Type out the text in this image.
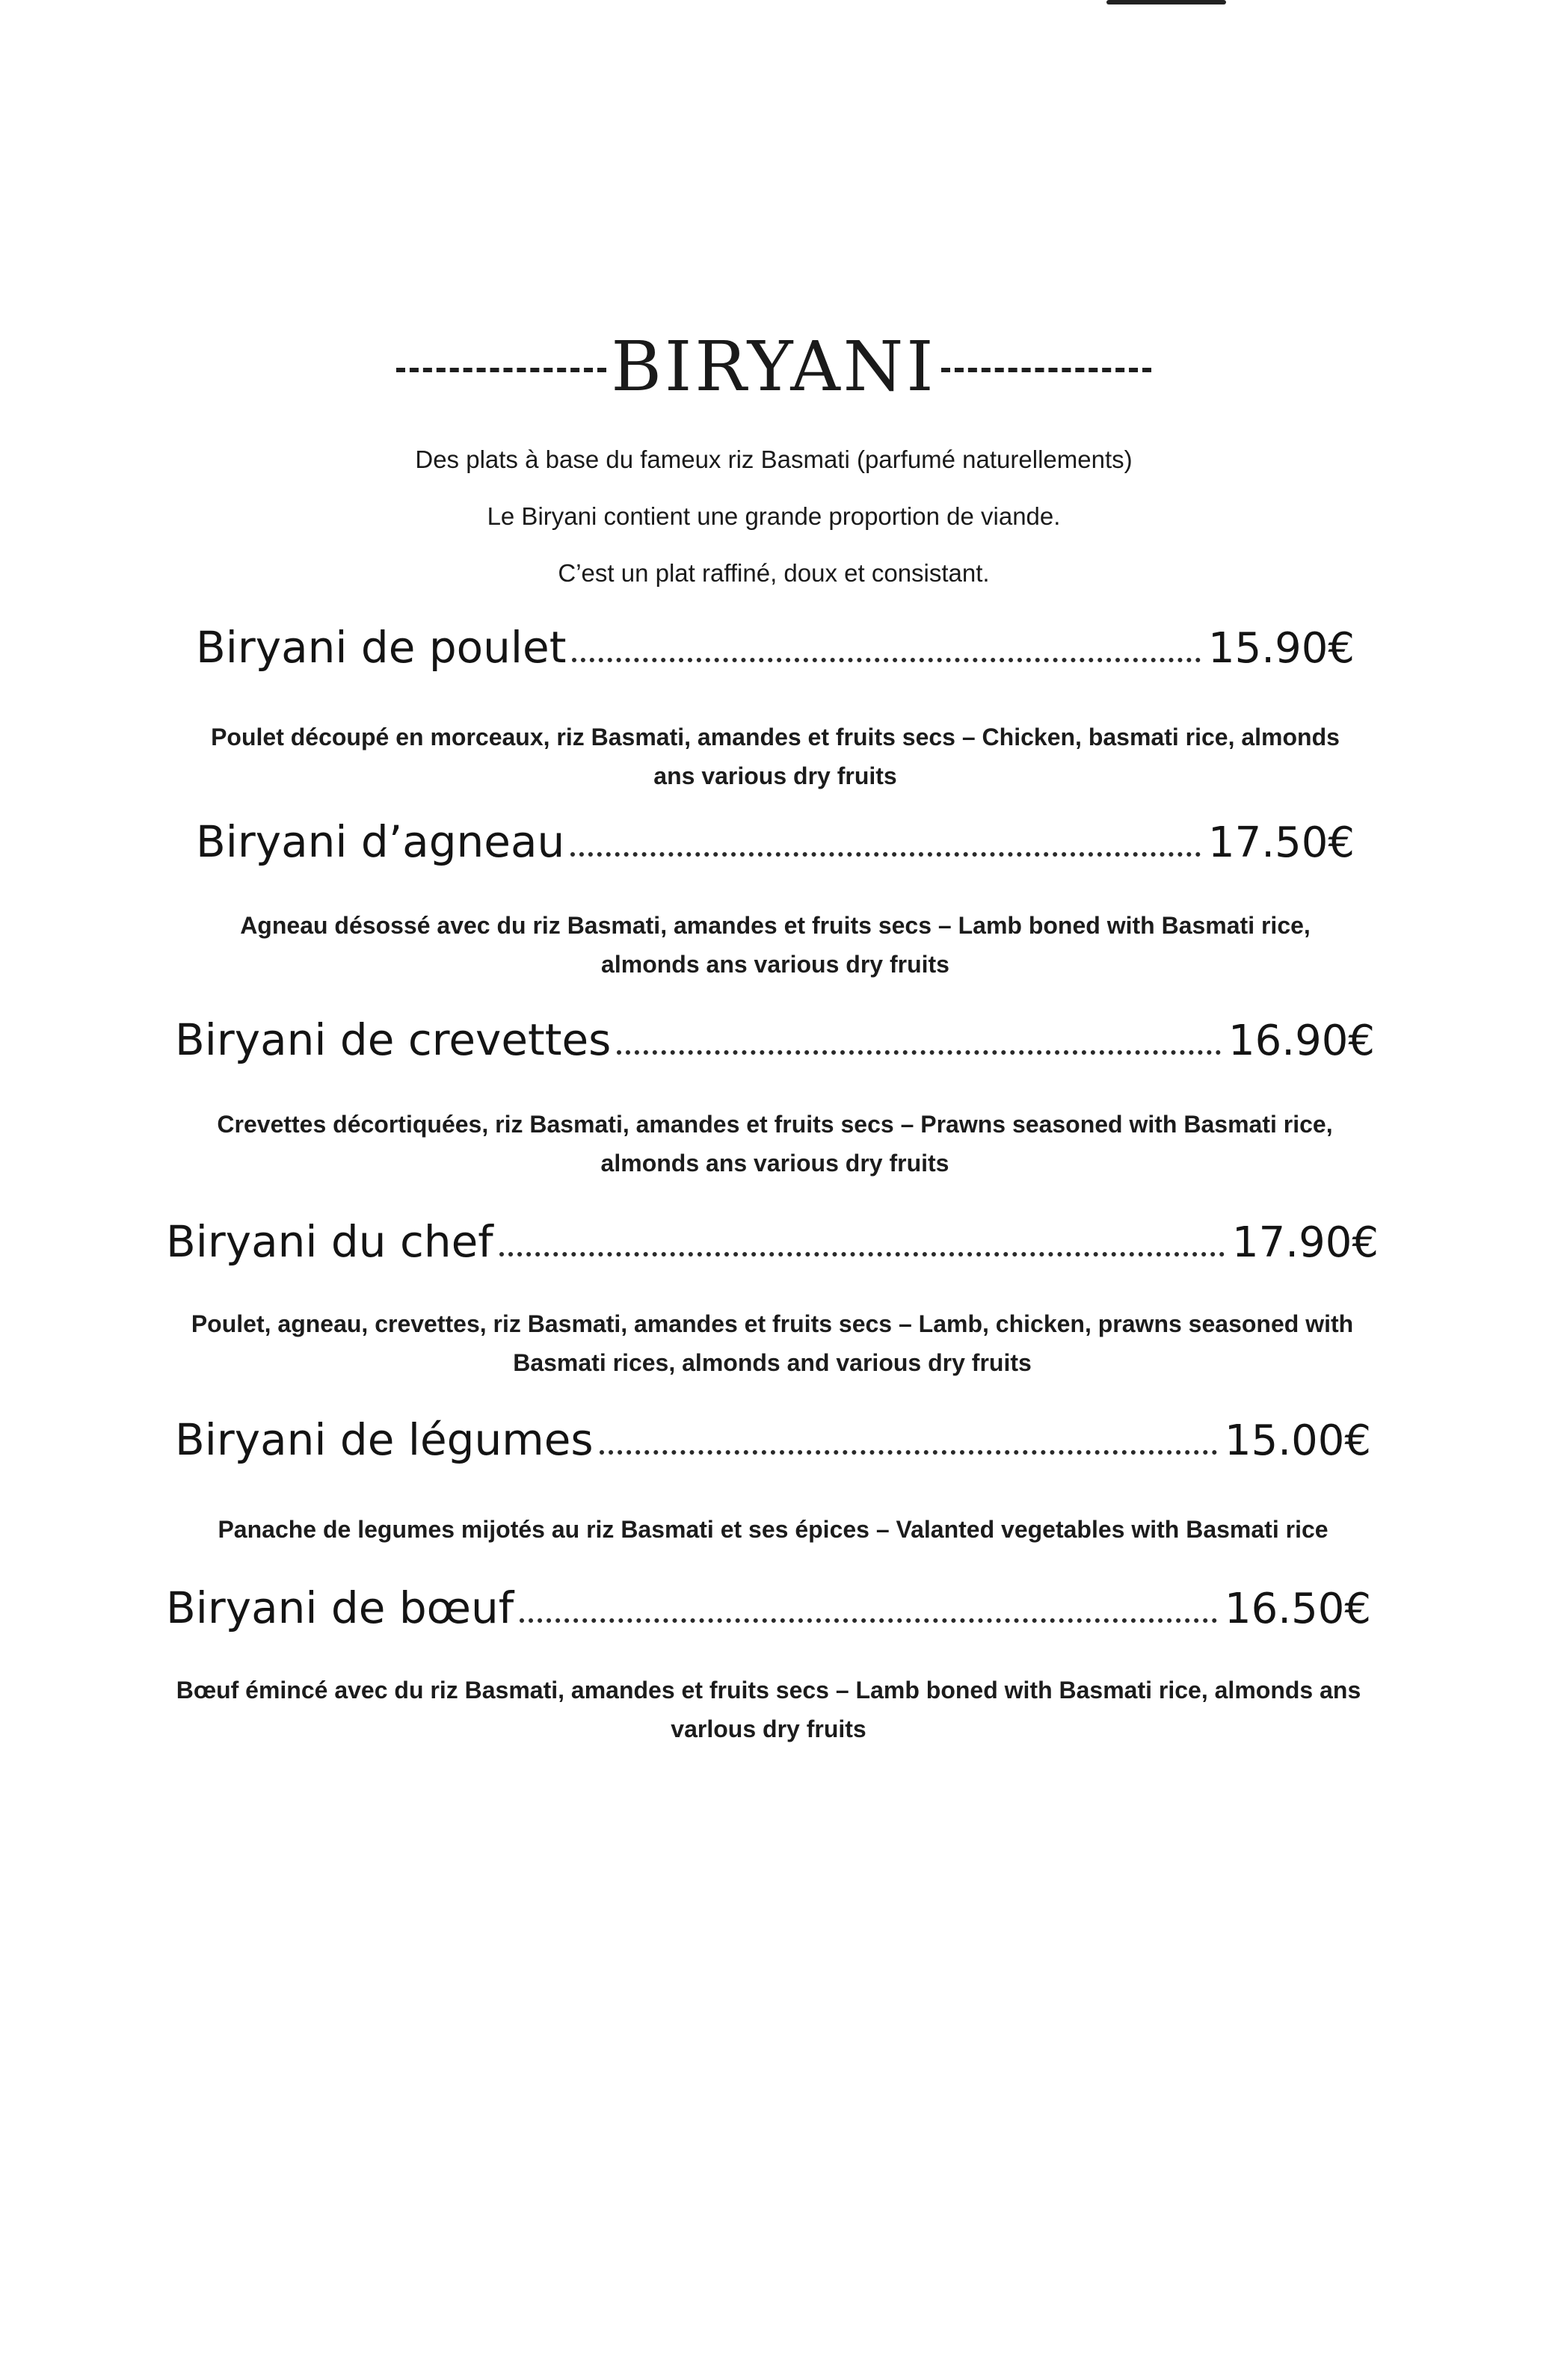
BIRYANI
Des plats à base du fameux riz Basmati (parfumé naturellements)
Le Biryani contient une grande proportion de viande.
C’est un plat raffiné, doux et consistant.
Biryani de poulet	15.90€
Poulet découpé en morceaux, riz Basmati, amandes et fruits secs – Chicken, basmati rice, almonds ans various dry fruits
Biryani d’agneau	17.50€
Agneau désossé avec du riz Basmati, amandes et fruits secs – Lamb boned with Basmati rice, almonds ans various dry fruits
Biryani de crevettes	16.90€
Crevettes décortiquées, riz Basmati, amandes et fruits secs – Prawns seasoned with Basmati rice, almonds ans various dry fruits
Biryani du chef	17.90€
Poulet, agneau, crevettes, riz Basmati, amandes et fruits secs – Lamb, chicken, prawns seasoned with Basmati rices, almonds and various dry fruits
Biryani de légumes	15.00€
Panache de legumes mijotés au riz Basmati et ses épices – Valanted vegetables with Basmati rice
Biryani de bœuf	16.50€
Bœuf émincé avec du riz Basmati, amandes et fruits secs – Lamb boned with Basmati rice, almonds ans varlous dry fruits
